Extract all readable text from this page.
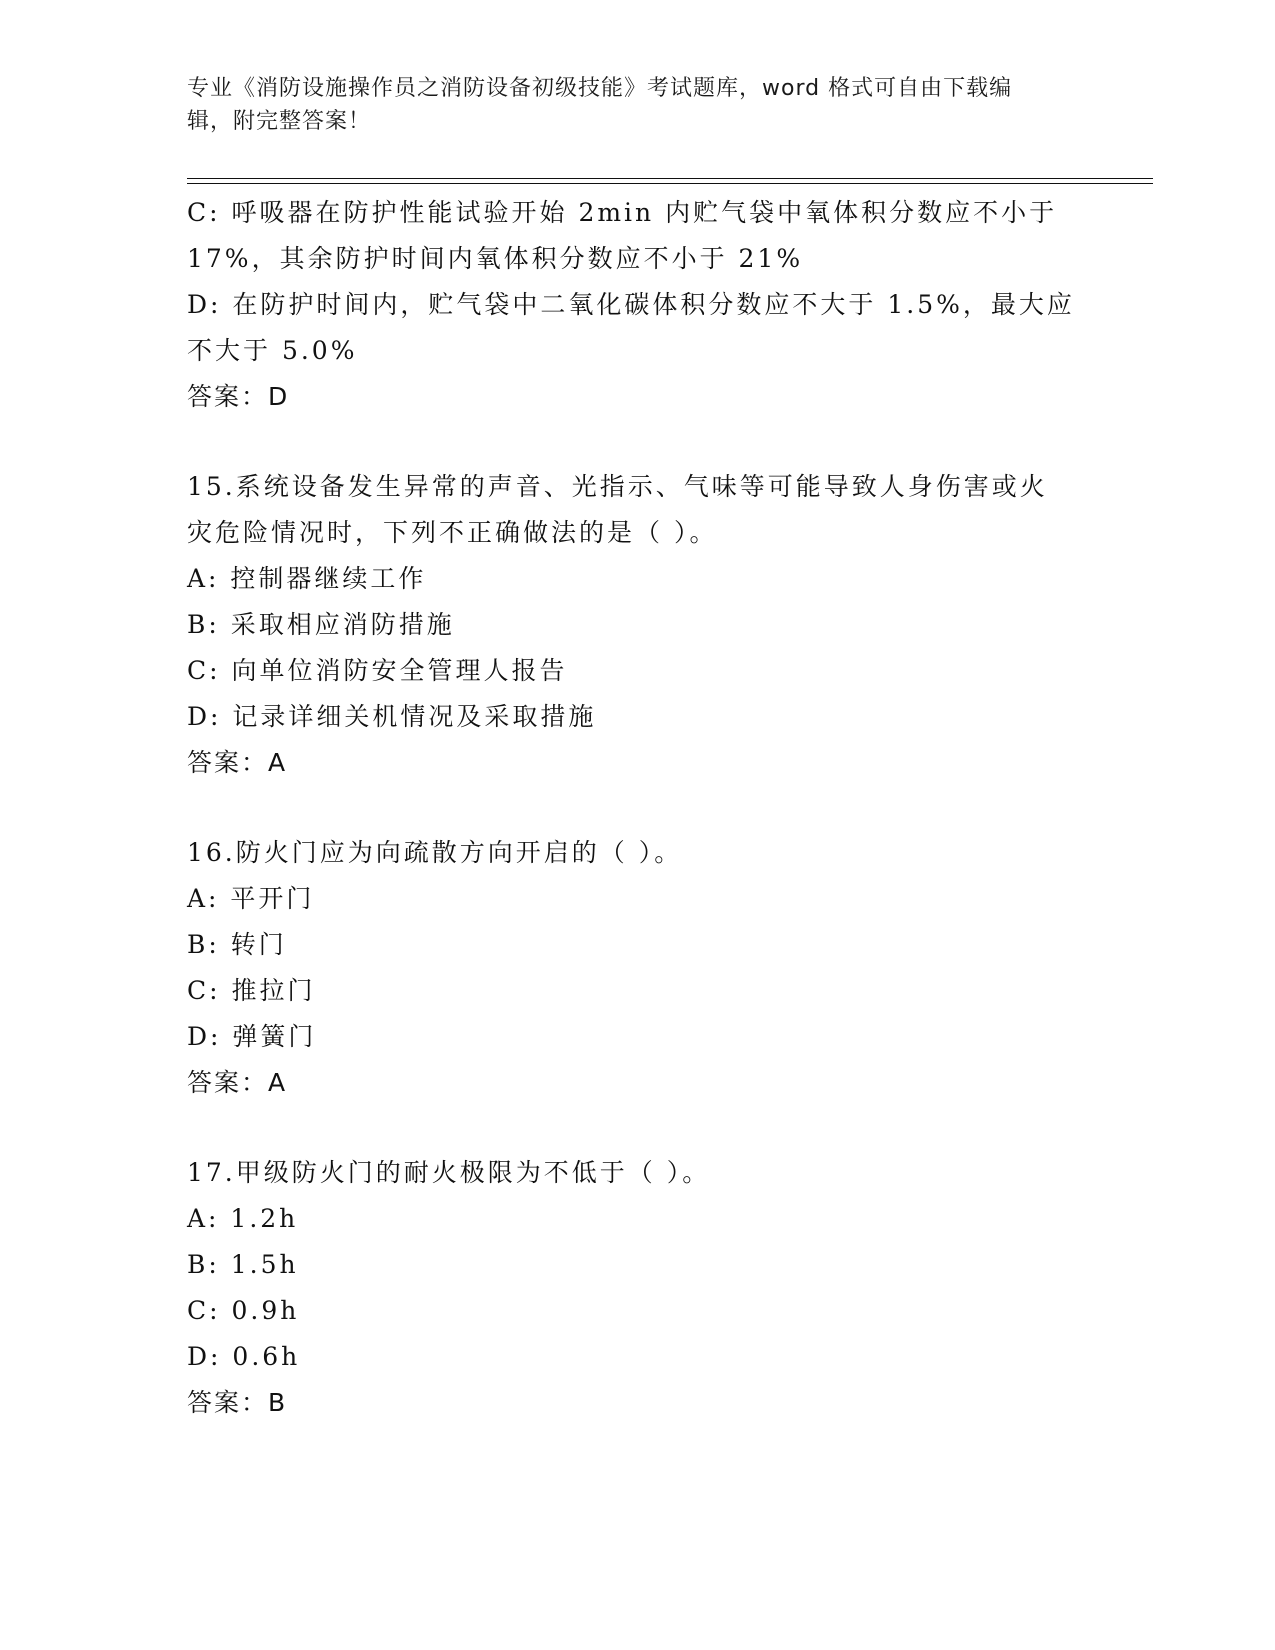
专业《消防设施操作员之消防设备初级技能》考试题库，word 格式可自由下载编
辑，附完整答案！
C: 呼吸器在防护性能试验开始 2min 内贮气袋中氧体积分数应不小于
17%，其余防护时间内氧体积分数应不小于 21%
D: 在防护时间内，贮气袋中二氧化碳体积分数应不大于 1.5%，最大应
不大于 5.0%
答案：D
15.系统设备发生异常的声音、光指示、气味等可能导致人身伤害或火
灾危险情况时，下列不正确做法的是（ ）。
A: 控制器继续工作
B: 采取相应消防措施
C: 向单位消防安全管理人报告
D: 记录详细关机情况及采取措施
答案：A
16.防火门应为向疏散方向开启的（ ）。
A: 平开门
B: 转门
C: 推拉门
D: 弹簧门
答案：A
17.甲级防火门的耐火极限为不低于（ ）。
A: 1.2h
B: 1.5h
C: 0.9h
D: 0.6h
答案：B
